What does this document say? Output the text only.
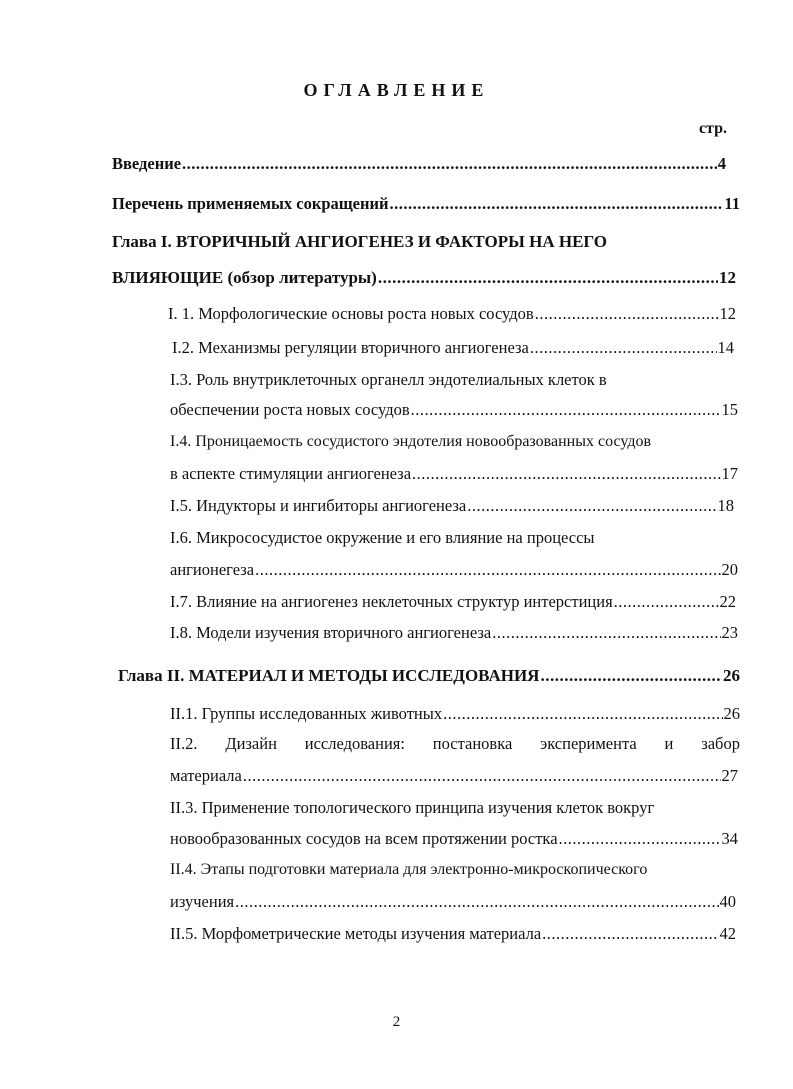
ОГЛАВЛЕНИЕ
стр.
Введение .....	4
Перечень применяемых сокращений .....	11
Глава I. ВТОРИЧНЫЙ АНГИОГЕНЕЗ И ФАКТОРЫ НА НЕГО
ВЛИЯЮЩИЕ (обзор литературы) .....	12
I. 1. Морфологические основы роста новых сосудов .....	12
I.2. Механизмы регуляции вторичного ангиогенеза .....	14
I.3. Роль внутриклеточных органелл эндотелиальных клеток в
обеспечении роста новых сосудов .....	15
I.4. Проницаемость сосудистого эндотелия новообразованных сосудов
в аспекте стимуляции ангиогенеза .....	17
I.5. Индукторы и ингибиторы ангиогенеза .....	18
I.6. Микрососудистое окружение и его влияние на процессы
ангионегеза .....	20
I.7. Влияние на ангиогенез неклеточных структур интерстиция .....	22
I.8. Модели изучения вторичного ангиогенеза .....	23
Глава II. МАТЕРИАЛ И МЕТОДЫ ИССЛЕДОВАНИЯ .....	26
II.1. Группы исследованных животных .....	26
II.2. Дизайн исследования: постановка эксперимента и забор
материала .....	27
II.3. Применение топологического принципа изучения клеток вокруг
новообразованных сосудов на всем протяжении ростка .....	34
II.4. Этапы подготовки материала для электронно-микроскопического
изучения .....	40
II.5. Морфометрические методы изучения материала .....	42
2
